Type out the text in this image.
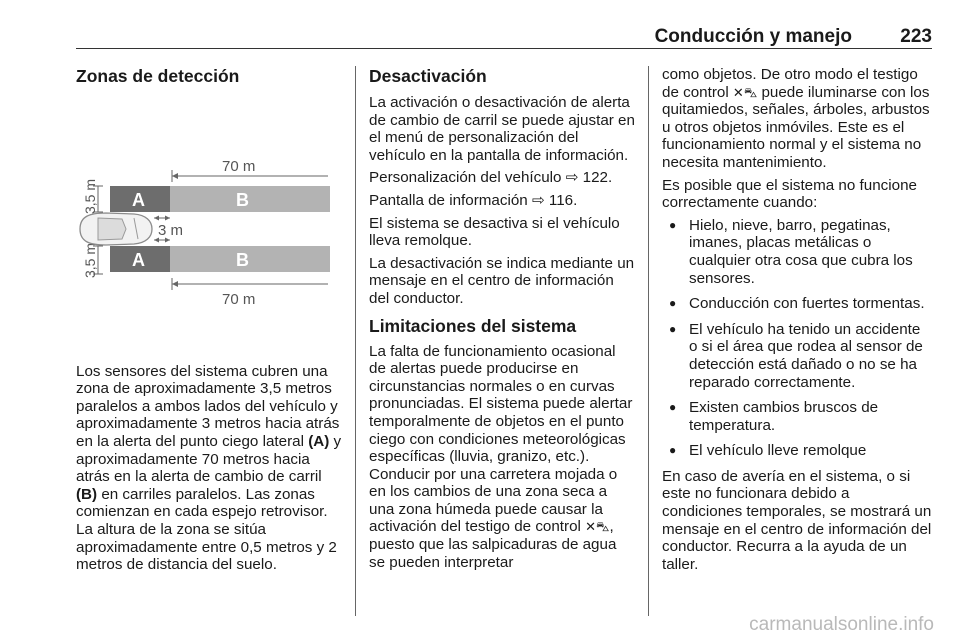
Conducción y manejo	223
Zonas de detección
70 m
3,5 m
3,5 m
A	B
A	B
3 m
70 m

Los sensores del sistema cubren una zona de aproximadamente 3,5 metros paralelos a ambos lados del vehículo y aproximadamente 3 metros hacia atrás en la alerta del punto ciego lateral (A) y aproximadamente 70 metros hacia atrás en la alerta de cambio de carril (B) en carriles paralelos. Las zonas comienzan en cada espejo retrovisor. La altura de la zona se sitúa aproximadamente entre 0,5 metros y 2 metros de distancia del suelo.

Desactivación

La activación o desactivación de alerta de cambio de carril se puede ajustar en el menú de personalización del vehículo en la pantalla de información.

Personalización del vehículo ⇨ 122.

Pantalla de información ⇨ 116.

El sistema se desactiva si el vehículo lleva remolque.

La desactivación se indica mediante un mensaje en el centro de información del conductor.

Limitaciones del sistema

La falta de funcionamiento ocasional de alertas puede producirse en circunstancias normales o en curvas pronunciadas. El sistema puede alertar temporalmente de objetos en el punto ciego con condiciones meteorológicas específicas (lluvia, granizo, etc.). Conducir por una carretera mojada o en los cambios de una zona seca a una zona húmeda puede causar la activación del testigo de control ✕⛍, puesto que las salpicaduras de agua se pueden interpretar

como objetos. De otro modo el testigo de control ✕⛍ puede iluminarse con los quitamiedos, señales, árboles, arbustos u otros objetos inmóviles. Este es el funcionamiento normal y el sistema no necesita mantenimiento.

Es posible que el sistema no funcione correctamente cuando:

● Hielo, nieve, barro, pegatinas, imanes, placas metálicas o cualquier otra cosa que cubra los sensores.
● Conducción con fuertes tormentas.
● El vehículo ha tenido un accidente o si el área que rodea al sensor de detección está dañado o no se ha reparado correctamente.
● Existen cambios bruscos de temperatura.
● El vehículo lleve remolque

En caso de avería en el sistema, o si este no funcionara debido a condiciones temporales, se mostrará un mensaje en el centro de información del conductor. Recurra a la ayuda de un taller.

carmanualsonline.info
